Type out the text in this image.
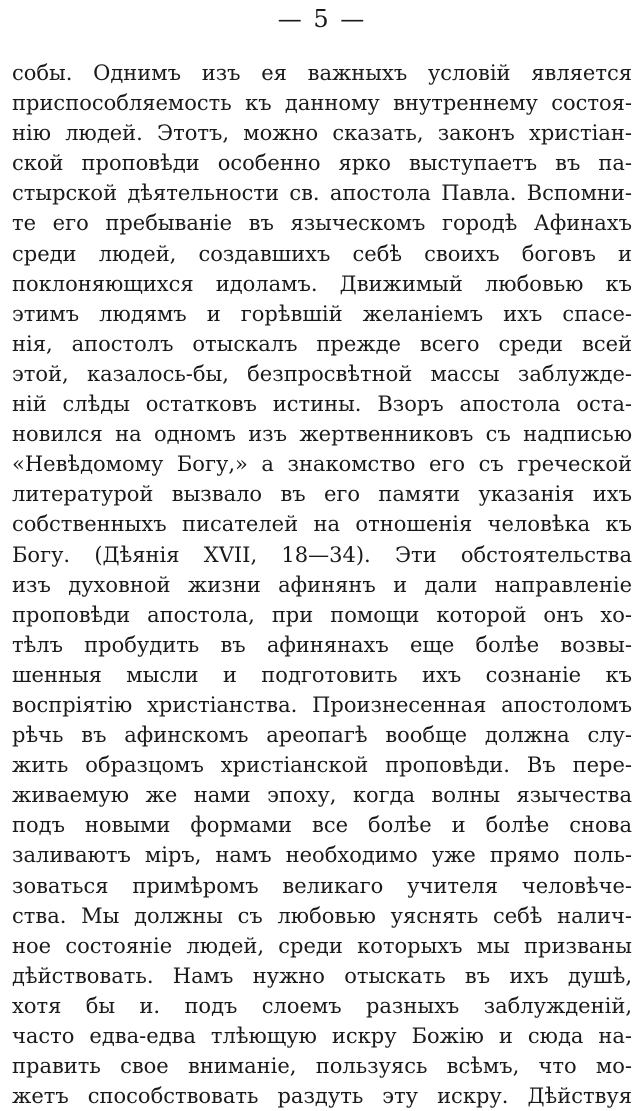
— 5 —
собы. Однимъ изъ ея важныхъ условій является
приспособляемость къ данному внутреннему состоя-
нію людей. Этотъ, можно сказать, законъ христіан-
ской проповѣди особенно ярко выступаетъ въ па-
стырской дѣятельности св. апостола Павла. Вспомни-
те его пребываніе въ языческомъ городѣ Афинахъ
среди людей, создавшихъ себѣ своихъ боговъ и
поклоняющихся идоламъ. Движимый любовью къ
этимъ людямъ и горѣвшій желаніемъ ихъ спасе-
нія, апостолъ отыскалъ прежде всего среди всей
этой, казалось-бы, безпросвѣтной массы заблужде-
ній слѣды остатковъ истины. Взоръ апостола оста-
новился на одномъ изъ жертвенниковъ съ надписью
«Невѣдомому Богу,» а знакомство его съ греческой
литературой вызвало въ его памяти указанія ихъ
собственныхъ писателей на отношенія человѣка къ
Богу. (Дѣянія XVII, 18—34). Эти обстоятельства
изъ духовной жизни афинянъ и дали направленіе
проповѣди апостола, при помощи которой онъ хо-
тѣлъ пробудить въ афинянахъ еще болѣе возвы-
шенныя мысли и подготовить ихъ сознаніе къ
воспріятію христіанства. Произнесенная апостоломъ
рѣчь въ афинскомъ ареопагѣ вообще должна слу-
жить образцомъ христіанской проповѣди. Въ пере-
живаемую же нами эпоху, когда волны язычества
подъ новыми формами все болѣе и болѣе снова
заливаютъ міръ, намъ необходимо уже прямо поль-
зоваться примѣромъ великаго учителя человѣче-
ства. Мы должны съ любовью уяснять себѣ налич-
ное состояніе людей, среди которыхъ мы призваны
дѣйствовать. Намъ нужно отыскать въ ихъ душѣ,
хотя бы и. подъ слоемъ разныхъ заблужденій,
часто едва-едва тлѣющую искру Божію и сюда на-
править свое вниманіе, пользуясь всѣмъ, что мо-
жетъ способствовать раздуть эту искру. Дѣйствуя
